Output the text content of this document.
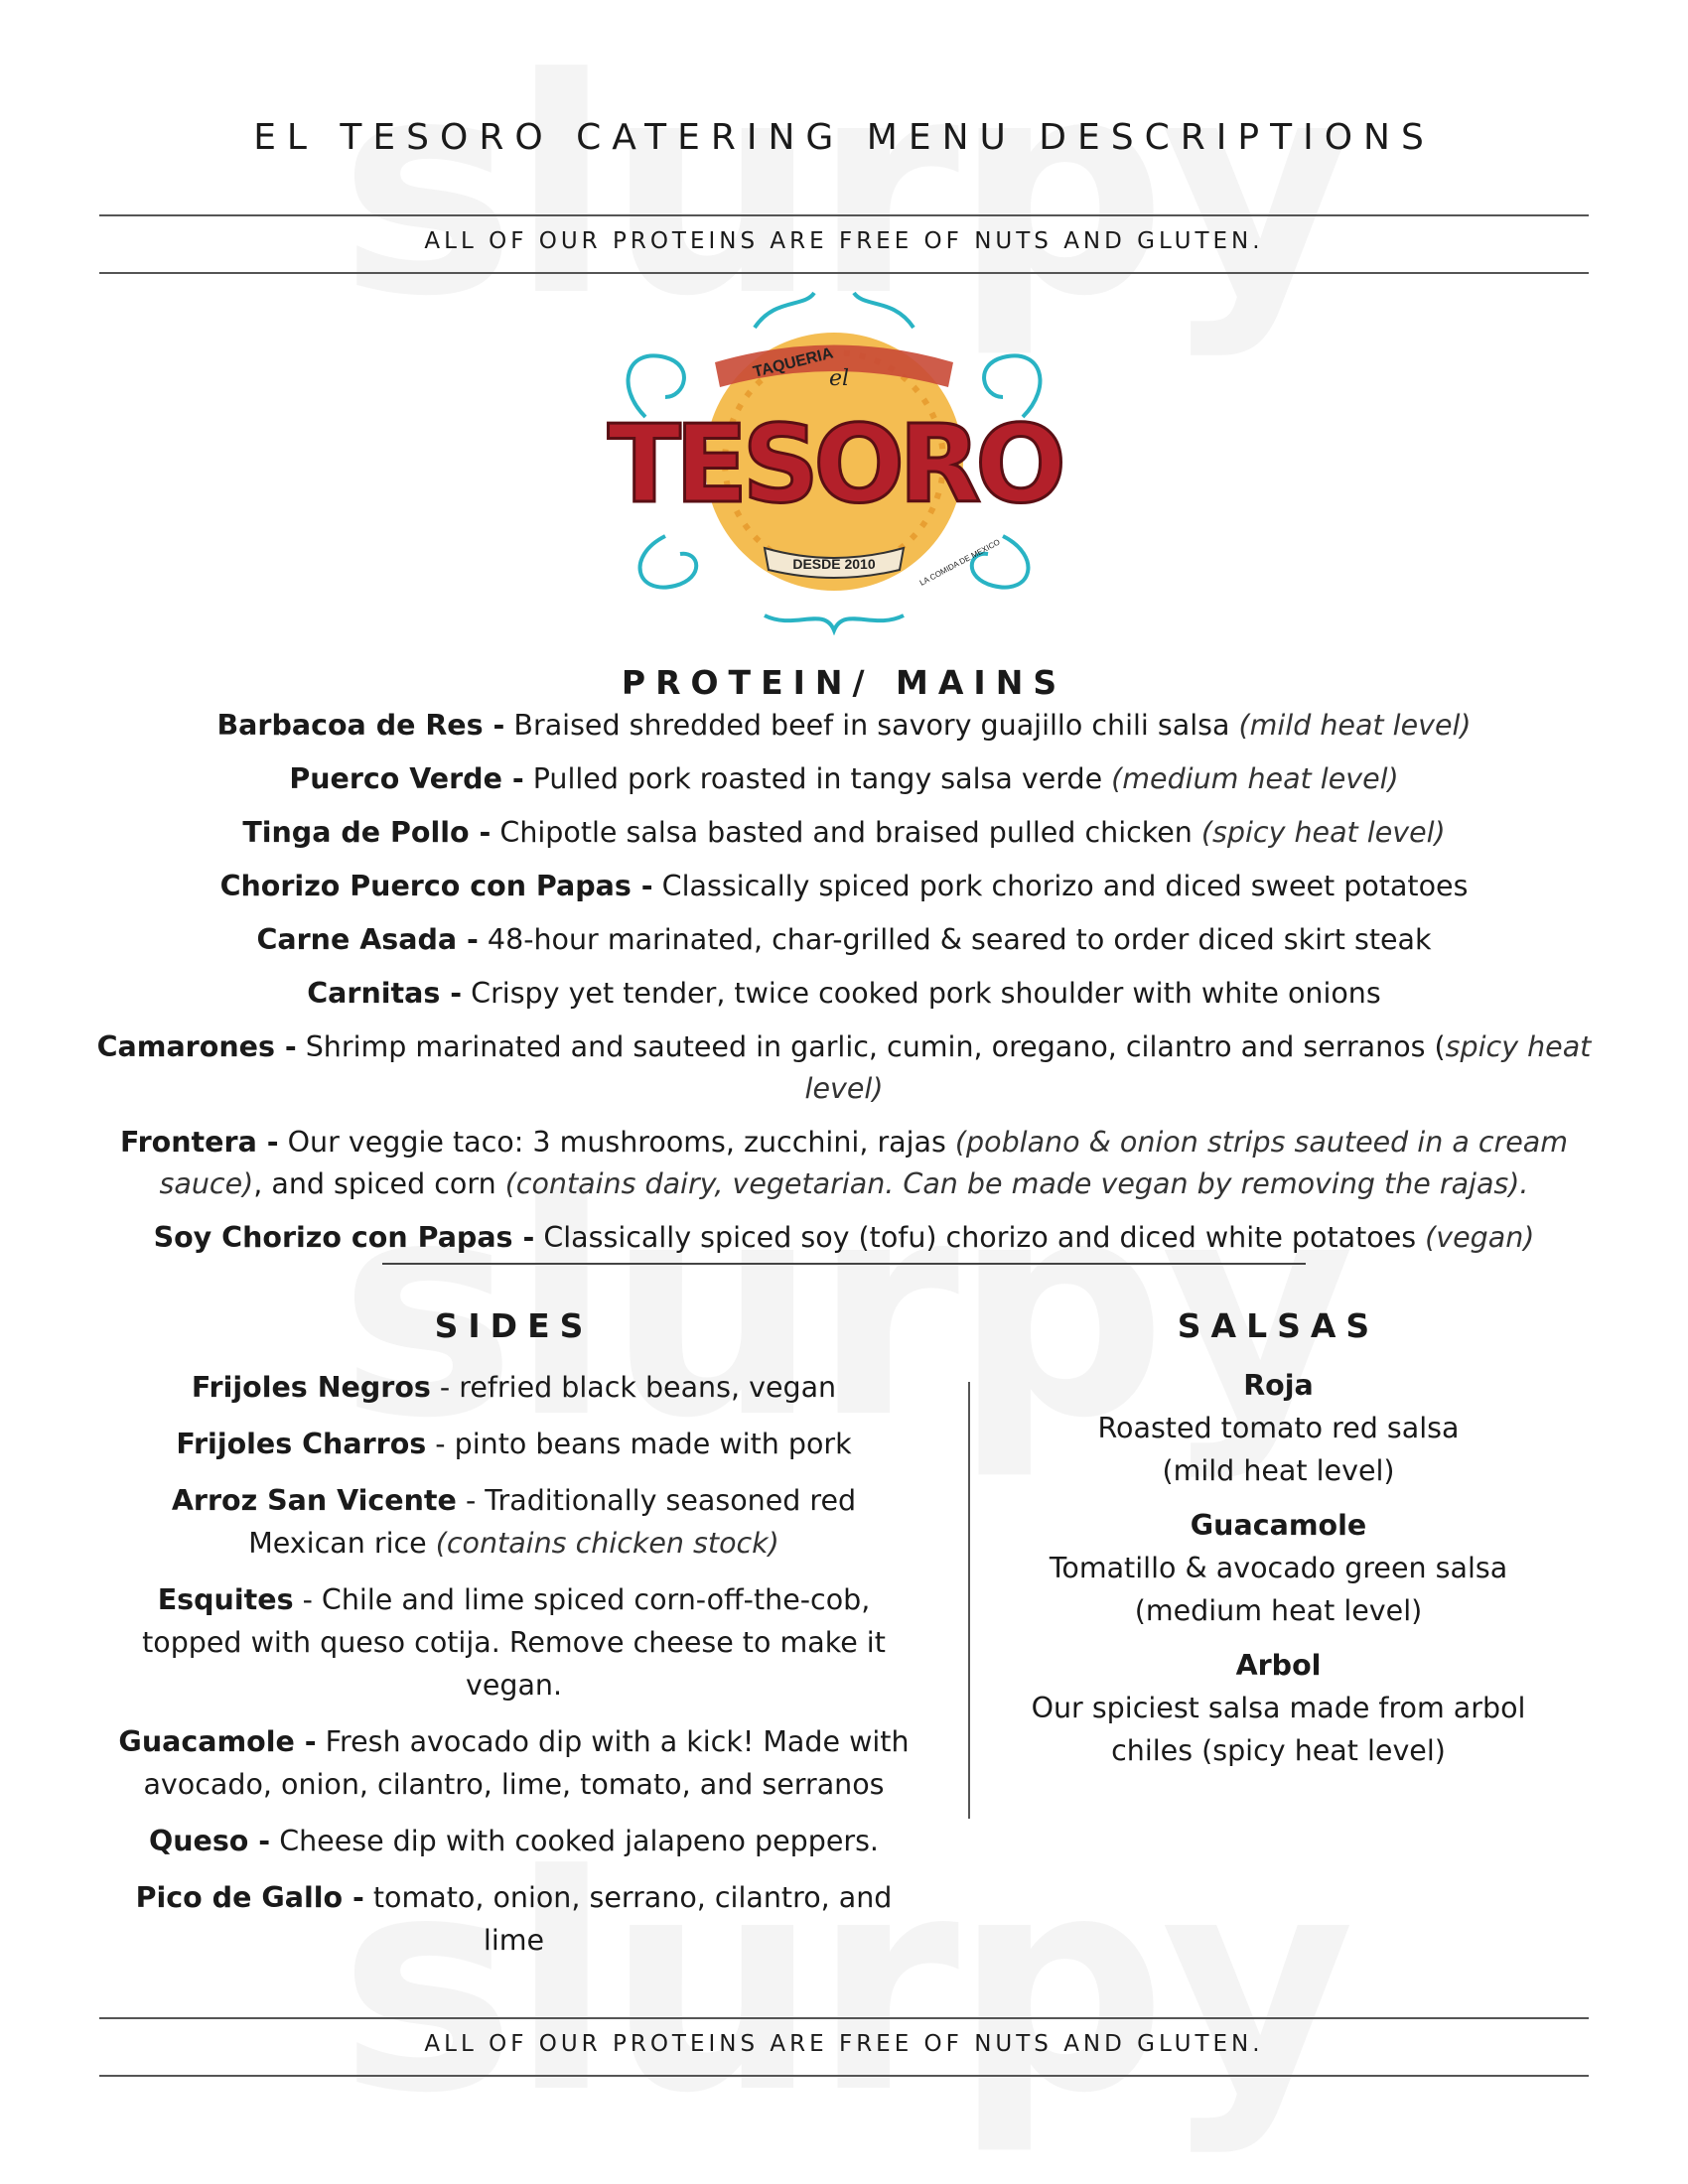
EL TESORO CATERING MENU DESCRIPTIONS
ALL OF OUR PROTEINS ARE FREE OF NUTS AND GLUTEN.
TAQUERIA
el
TESORO
DESDE 2010	LA COMIDA DE MEXICO
PROTEIN/ MAINS
Barbacoa de Res - Braised shredded beef in savory guajillo chili salsa (mild heat level)
Puerco Verde - Pulled pork roasted in tangy salsa verde (medium heat level)
Tinga de Pollo - Chipotle salsa basted and braised pulled chicken (spicy heat level)
Chorizo Puerco con Papas - Classically spiced pork chorizo and diced sweet potatoes
Carne Asada - 48-hour marinated, char-grilled & seared to order diced skirt steak
Carnitas - Crispy yet tender, twice cooked pork shoulder with white onions
Camarones - Shrimp marinated and sauteed in garlic, cumin, oregano, cilantro and serranos (spicy heat level)
Frontera - Our veggie taco: 3 mushrooms, zucchini, rajas (poblano & onion strips sauteed in a cream sauce), and spiced corn (contains dairy, vegetarian. Can be made vegan by removing the rajas).
Soy Chorizo con Papas - Classically spiced soy (tofu) chorizo and diced white potatoes (vegan)
SIDES
Frijoles Negros - refried black beans, vegan
Frijoles Charros - pinto beans made with pork
Arroz San Vicente - Traditionally seasoned red Mexican rice (contains chicken stock)
Esquites - Chile and lime spiced corn-off-the-cob, topped with queso cotija. Remove cheese to make it vegan.
Guacamole - Fresh avocado dip with a kick! Made with avocado, onion, cilantro, lime, tomato, and serranos
Queso - Cheese dip with cooked jalapeno peppers.
Pico de Gallo - tomato, onion, serrano, cilantro, and lime
SALSAS
Roja
Roasted tomato red salsa
(mild heat level)
Guacamole
Tomatillo & avocado green salsa
(medium heat level)
Arbol
Our spiciest salsa made from arbol
chiles (spicy heat level)
ALL OF OUR PROTEINS ARE FREE OF NUTS AND GLUTEN.
